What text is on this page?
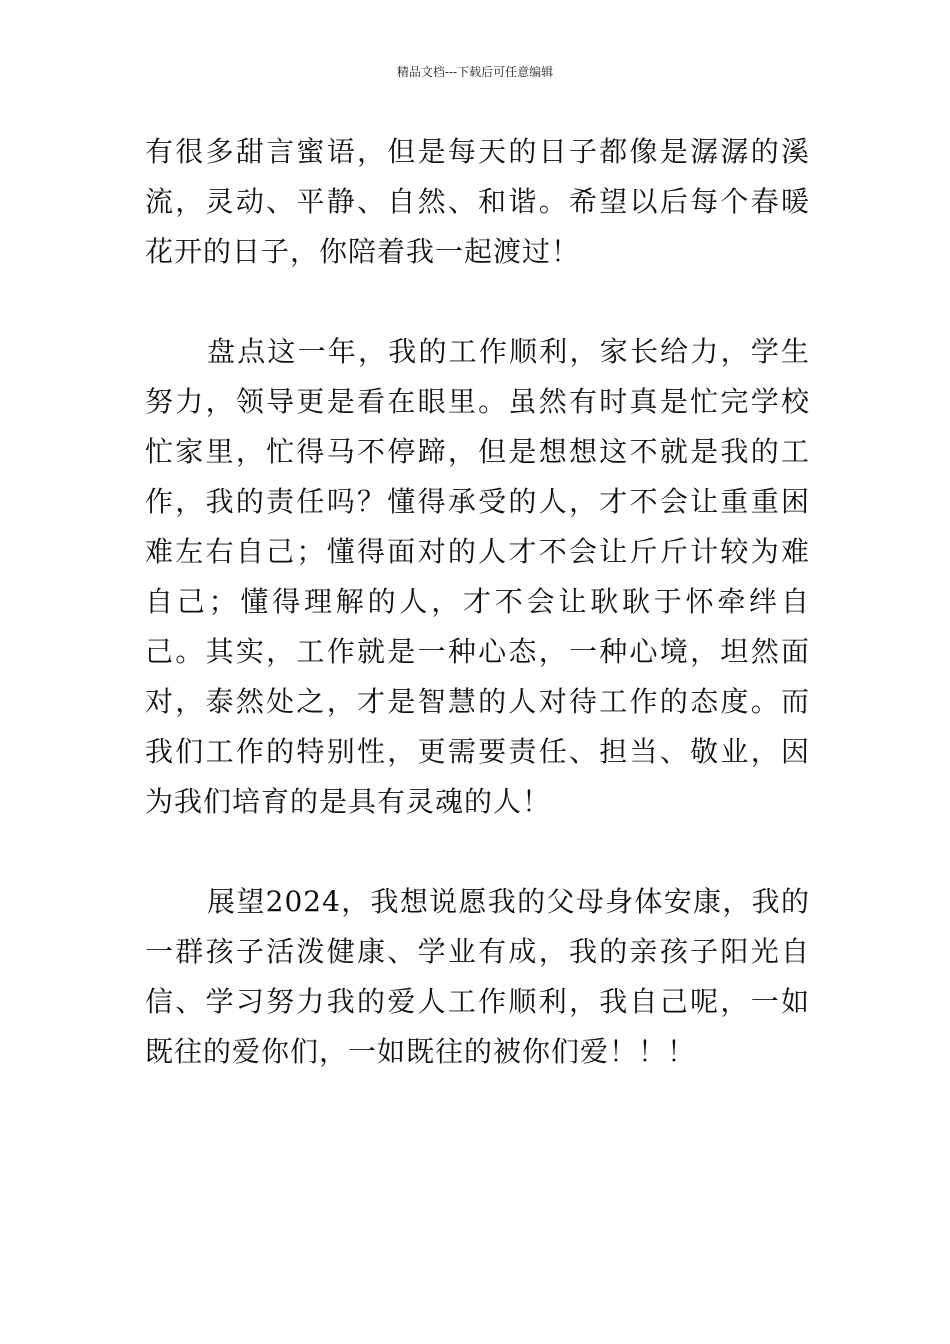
精品文档---下载后可任意编辑

有很多甜言蜜语，但是每天的日子都像是潺潺的溪流，灵动、平静、自然、和谐。希望以后每个春暖花开的日子，你陪着我一起渡过！

盘点这一年，我的工作顺利，家长给力，学生努力，领导更是看在眼里。虽然有时真是忙完学校忙家里，忙得马不停蹄，但是想想这不就是我的工作，我的责任吗？懂得承受的人，才不会让重重困难左右自己；懂得面对的人才不会让斤斤计较为难自己；懂得理解的人，才不会让耿耿于怀牵绊自己。其实，工作就是一种心态，一种心境，坦然面对，泰然处之，才是智慧的人对待工作的态度。而我们工作的特别性，更需要责任、担当、敬业，因为我们培育的是具有灵魂的人！

展望2024，我想说愿我的父母身体安康，我的一群孩子活泼健康、学业有成，我的亲孩子阳光自信、学习努力我的爱人工作顺利，我自己呢，一如既往的爱你们，一如既往的被你们爱！！！
